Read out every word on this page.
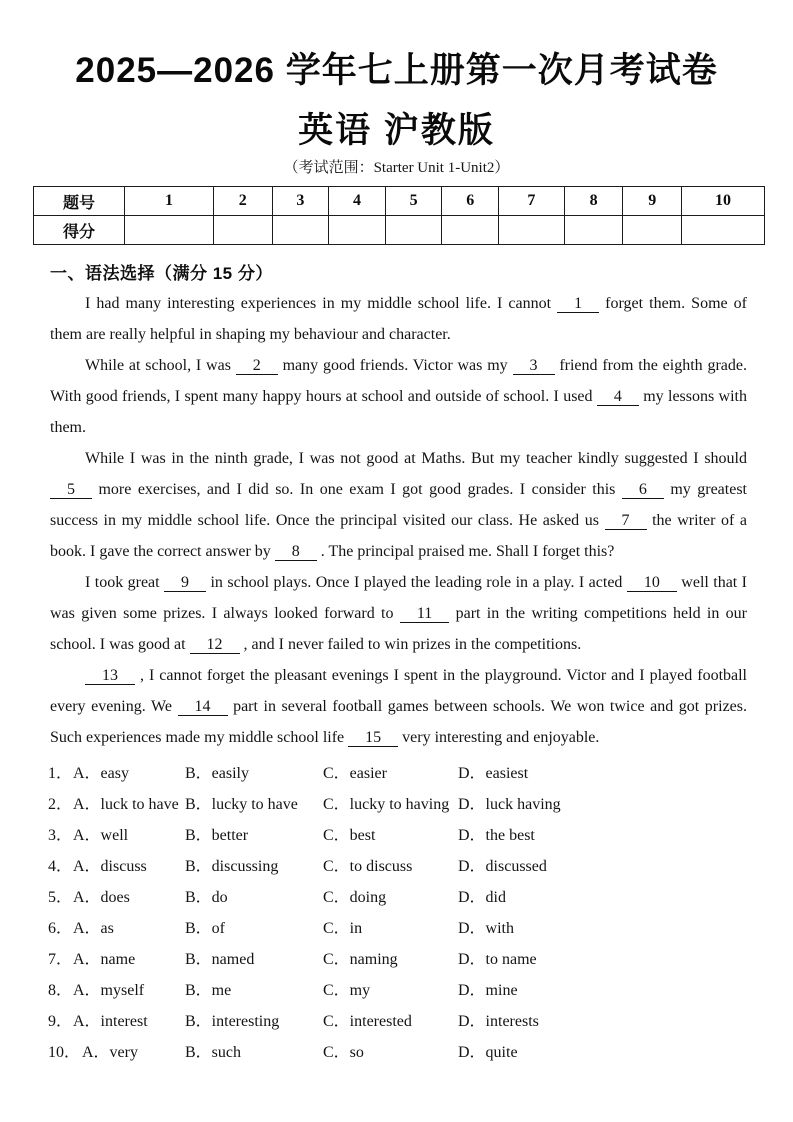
2025—2026 学年七上册第一次月考试卷
英语 沪教版
（考试范围：Starter Unit 1-Unit2）
题号	1	2	3	4	5	6	7	8	9	10
得分										
一、语法选择（满分 15 分）

I had many interesting experiences in my middle school life. I cannot 1 forget them. Some of them are really helpful in shaping my behaviour and character.

While at school, I was 2 many good friends. Victor was my 3 friend from the eighth grade. With good friends, I spent many happy hours at school and outside of school. I used 4 my lessons with them.

While I was in the ninth grade, I was not good at Maths. But my teacher kindly suggested I should 5 more exercises, and I did so. In one exam I got good grades. I consider this 6 my greatest success in my middle school life. Once the principal visited our class. He asked us 7 the writer of a book. I gave the correct answer by 8 . The principal praised me. Shall I forget this?

I took great 9 in school plays. Once I played the leading role in a play. I acted 10 well that I was given some prizes. I always looked forward to 11 part in the writing competitions held in our school. I was good at 12 , and I never failed to win prizes in the competitions.

13 , I cannot forget the pleasant evenings I spent in the playground. Victor and I played football every evening. We 14 part in several football games between schools. We won twice and got prizes. Such experiences made my middle school life 15 very interesting and enjoyable.

1． A．easy	B．easily	C．easier	D．easiest
2． A．luck to have B．lucky to have C．lucky to having D．luck having
3． A．well	B．better	C．best	D．the best
4． A．discuss B．discussing	C．to discuss	D．discussed
5． A．does	B．do	C．doing	D．did
6． A．as	B．of	C．in	D．with
7． A．name	B．named	C．naming	D．to name
8． A．myself	B．me	C．my	D．mine
9． A．interest B．interesting	C．interested	D．interests
10． A．very	B．such	C．so	D．quite
